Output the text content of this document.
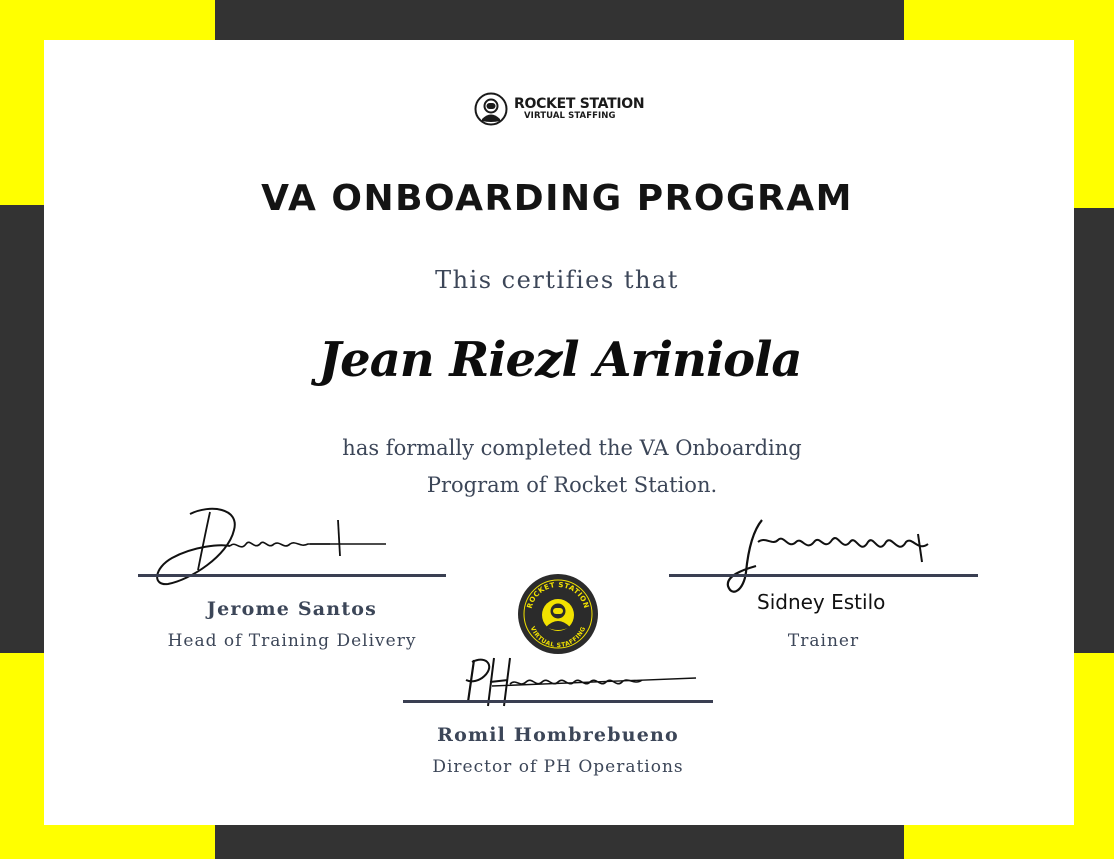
ROCKET STATION
VIRTUAL STAFFING
VA ONBOARDING PROGRAM
This certifies that
Jean Riezl Ariniola
has formally completed the VA Onboarding
Program of Rocket Station.
Jerome Santos
Head of Training Delivery
Sidney Estilo
Trainer
Romil Hombrebueno
Director of PH Operations
ROCKET STATION
VIRTUAL STAFFING
